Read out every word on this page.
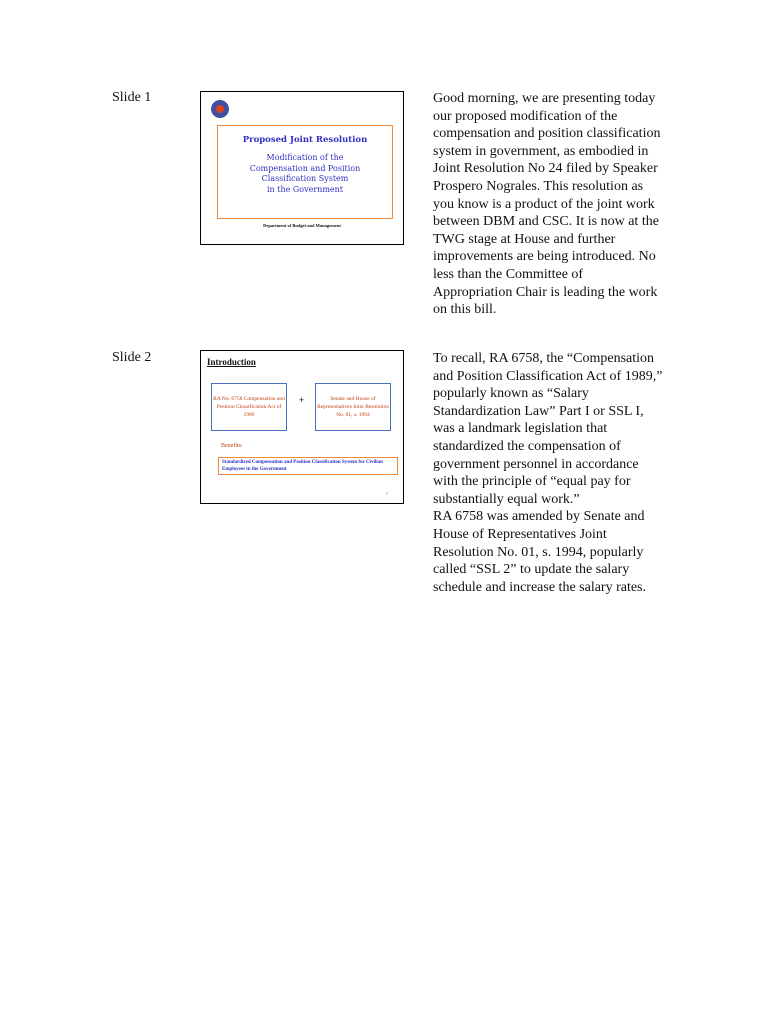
Slide 1
Proposed Joint Resolution
Modification of the
Compensation and Position
Classification System
in the Government
Department of Budget and Management
Good morning, we are presenting today our proposed modification of the compensation and position classification system in government, as embodied in Joint Resolution No 24 filed by Speaker Prospero Nograles. This resolution as you know is a product of the joint work between DBM and CSC. It is now at the TWG stage at House and further improvements are being introduced. No less than the Committee of Appropriation Chair is leading the work on this bill.
Slide 2	Introduction
RA No. 6758 Compensation and Position Classification Act of 1989
+	Senate and House of Representatives Joint Resolution No. 01, s. 1994
Benefits:
Standardized Compensation and Position Classification System for Civilian Employees in the Government
1
To recall, RA 6758, the “Compensation and Position Classification Act of 1989,” popularly known as “Salary Standardization Law” Part I or SSL I, was a landmark legislation that standardized the compensation of government personnel in accordance with the principle of “equal pay for substantially equal work.”
RA 6758 was amended by Senate and House of Representatives Joint Resolution No. 01, s. 1994, popularly called “SSL 2” to update the salary schedule and increase the salary rates.
